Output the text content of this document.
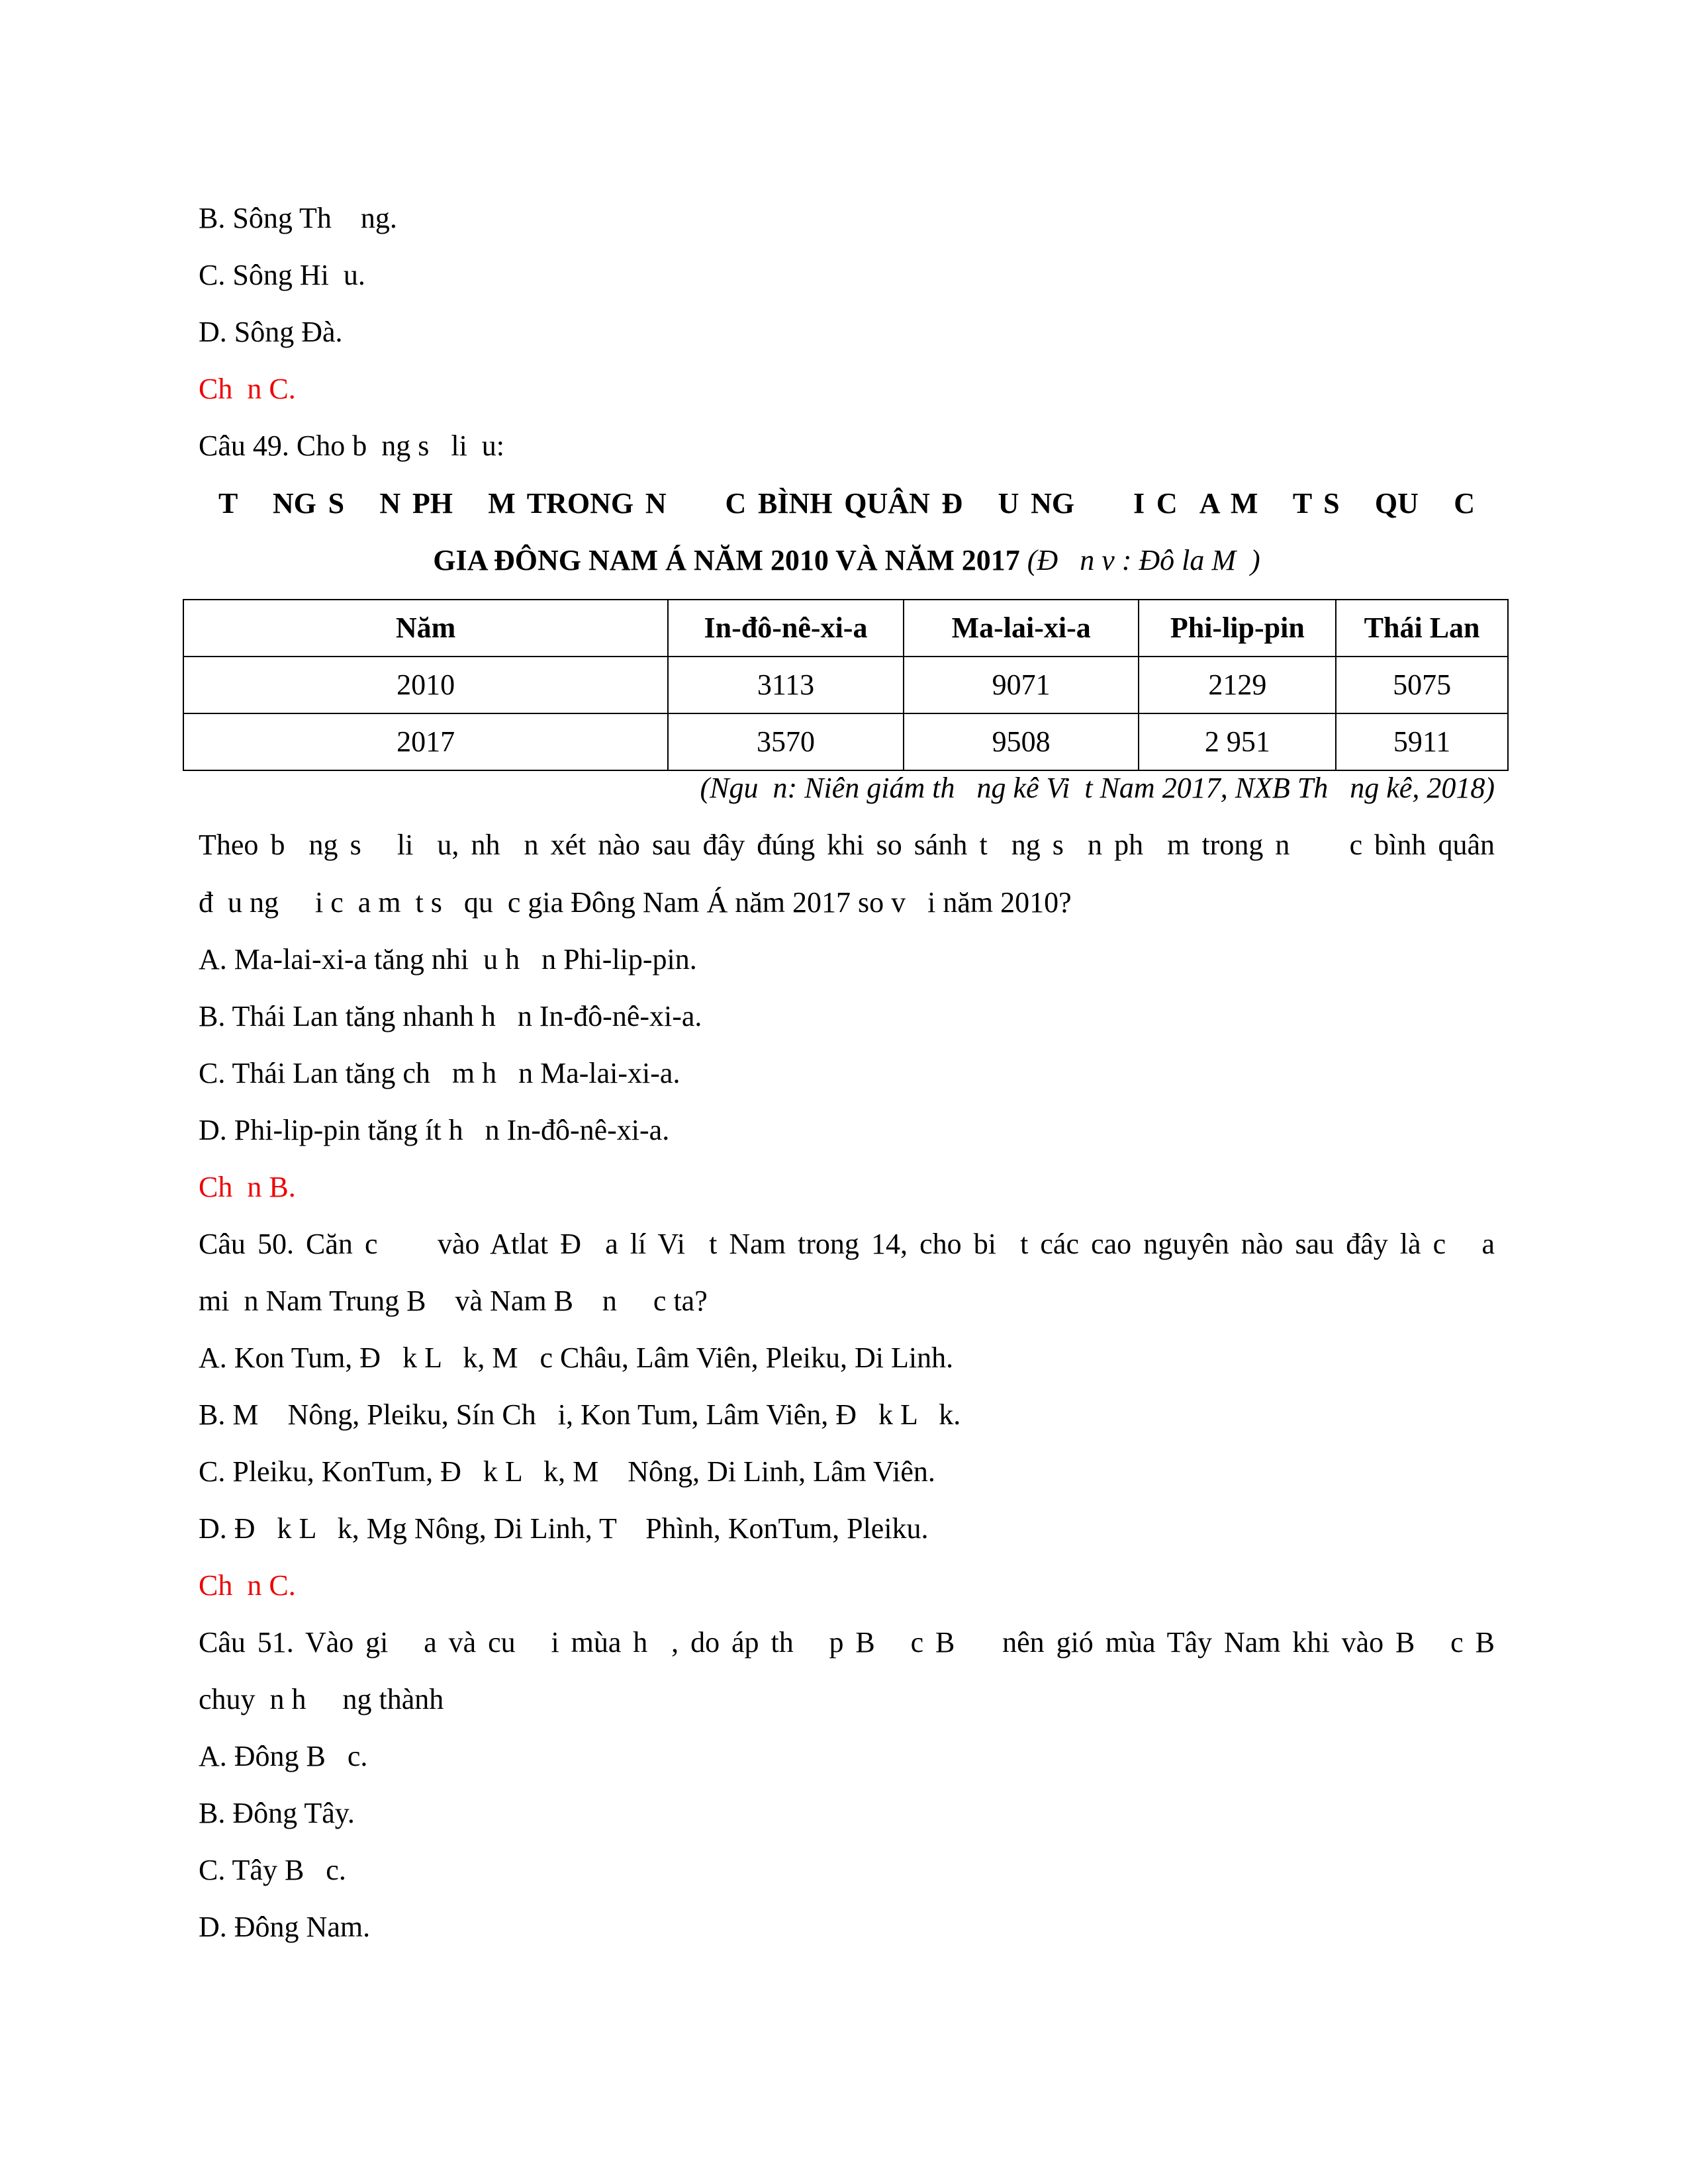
B. Sông Th    ng.
C. Sông Hi  u.
D. Sông Đà.
Ch  n C.
Câu 49. Cho b  ng s   li  u:
T   NG S   N PH   M TRONG N     C BÌNH QUÂN Đ   U NG     I C  A M   T S   QU   C
GIA ĐÔNG NAM Á NĂM 2010 VÀ NĂM 2017 (Đ   n v : Đô la M  )
Năm	In-đô-nê-xi-a	Ma-lai-xi-a	Phi-lip-pin	Thái Lan
2010	3113	9071	2129	5075
2017	3570	9508	2 951	5911
(Ngu  n: Niên giám th   ng kê Vi  t Nam 2017, NXB Th   ng kê, 2018)
Theo b  ng s   li  u, nh  n xét nào sau đây đúng khi so sánh t  ng s  n ph  m trong n     c bình quân
đ  u ng     i c  a m  t s   qu  c gia Đông Nam Á năm 2017 so v   i năm 2010?
A. Ma-lai-xi-a tăng nhi  u h   n Phi-lip-pin.
B. Thái Lan tăng nhanh h   n In-đô-nê-xi-a.
C. Thái Lan tăng ch   m h   n Ma-lai-xi-a.
D. Phi-lip-pin tăng ít h   n In-đô-nê-xi-a.
Ch  n B.
Câu 50. Căn c     vào Atlat Đ  a lí Vi  t Nam trong 14, cho bi  t các cao nguyên nào sau đây là c   a
mi  n Nam Trung B    và Nam B    n     c ta?
A. Kon Tum, Đ   k L   k, M   c Châu, Lâm Viên, Pleiku, Di Linh.
B. M    Nông, Pleiku, Sín Ch   i, Kon Tum, Lâm Viên, Đ   k L   k.
C. Pleiku, KonTum, Đ   k L   k, M    Nông, Di Linh, Lâm Viên.
D. Đ   k L   k, Mg Nông, Di Linh, T    Phình, KonTum, Pleiku.
Ch  n C.
Câu 51. Vào gi   a và cu   i mùa h  , do áp th   p B   c B    nên gió mùa Tây Nam khi vào B   c B
chuy  n h     ng thành
A. Đông B   c.
B. Đông Tây.
C. Tây B   c.
D. Đông Nam.
